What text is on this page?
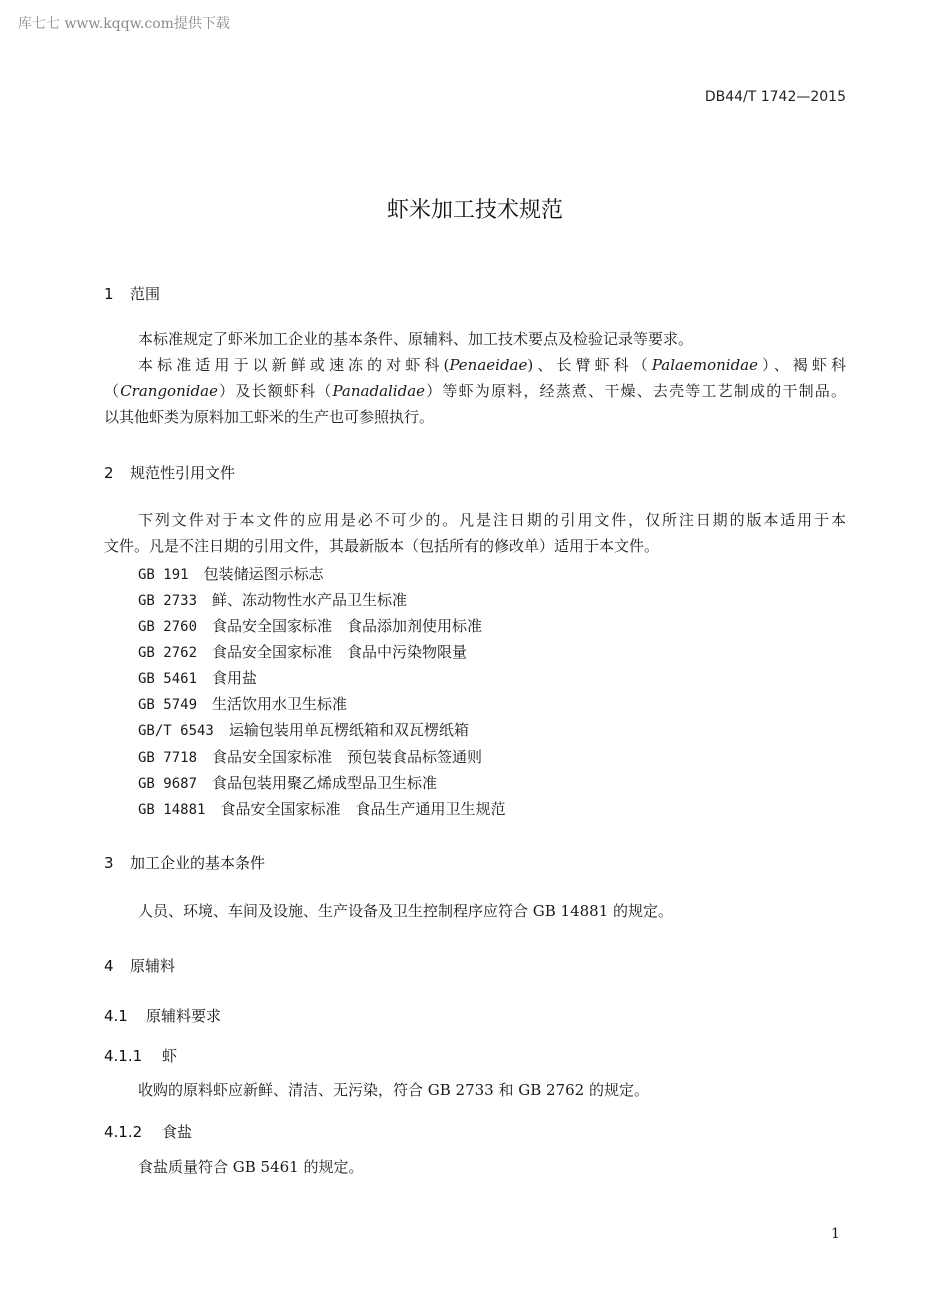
库七七 www.kqqw.com提供下载
DB44/T 1742—2015
虾米加工技术规范
1 范围
本标准规定了虾米加工企业的基本条件、原辅料、加工技术要点及检验记录等要求。
本标准适用于以新鲜或速冻的对虾科(Penaeidae)、长臂虾科（Palaemonidae）、褐虾科
（Crangonidae）及长额虾科（Panadalidae）等虾为原料，经蒸煮、干燥、去壳等工艺制成的干制品。
以其他虾类为原料加工虾米的生产也可参照执行。
2 规范性引用文件
下列文件对于本文件的应用是必不可少的。凡是注日期的引用文件，仅所注日期的版本适用于本
文件。凡是不注日期的引用文件，其最新版本（包括所有的修改单）适用于本文件。
GB 191　 包装储运图示标志
GB 2733　 鲜、冻动物性水产品卫生标准
GB 2760　 食品安全国家标准　食品添加剂使用标准
GB 2762　 食品安全国家标准　食品中污染物限量
GB 5461　 食用盐
GB 5749　 生活饮用水卫生标准
GB/T 6543　 运输包装用单瓦楞纸箱和双瓦楞纸箱
GB 7718　 食品安全国家标准　预包装食品标签通则
GB 9687　 食品包装用聚乙烯成型品卫生标准
GB 14881　 食品安全国家标准　食品生产通用卫生规范
3 加工企业的基本条件
人员、环境、车间及设施、生产设备及卫生控制程序应符合 GB 14881 的规定。
4 原辅料
4.1 原辅料要求
4.1.1 虾
收购的原料虾应新鲜、清洁、无污染，符合 GB 2733 和 GB 2762 的规定。
4.1.2 食盐
食盐质量符合 GB 5461 的规定。
1
